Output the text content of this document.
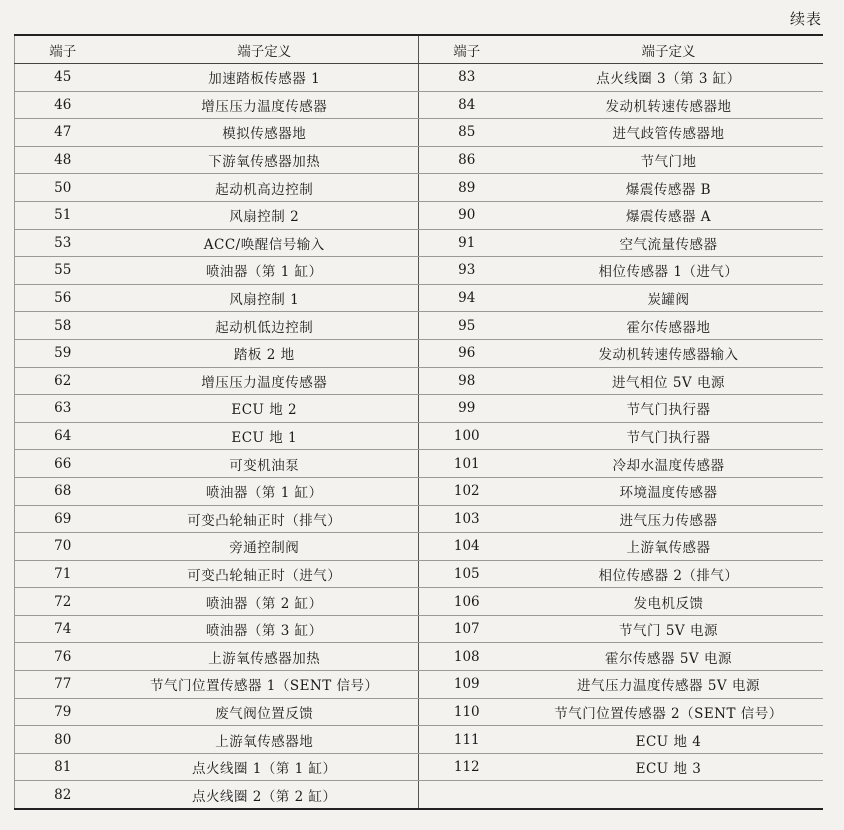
续表
端子	端子定义	端子	端子定义
45	加速踏板传感器 1	83	点火线圈 3（第 3 缸）
46	增压压力温度传感器	84	发动机转速传感器地
47	模拟传感器地	85	进气歧管传感器地
48	下游氧传感器加热	86	节气门地
50	起动机高边控制	89	爆震传感器 B
51	风扇控制 2	90	爆震传感器 A
53	ACC/唤醒信号输入	91	空气流量传感器
55	喷油器（第 1 缸）	93	相位传感器 1（进气）
56	风扇控制 1	94	炭罐阀
58	起动机低边控制	95	霍尔传感器地
59	踏板 2 地	96	发动机转速传感器输入
62	增压压力温度传感器	98	进气相位 5V 电源
63	ECU 地 2	99	节气门执行器
64	ECU 地 1	100	节气门执行器
66	可变机油泵	101	冷却水温度传感器
68	喷油器（第 1 缸）	102	环境温度传感器
69	可变凸轮轴正时（排气）	103	进气压力传感器
70	旁通控制阀	104	上游氧传感器
71	可变凸轮轴正时（进气）	105	相位传感器 2（排气）
72	喷油器（第 2 缸）	106	发电机反馈
74	喷油器（第 3 缸）	107	节气门 5V 电源
76	上游氧传感器加热	108	霍尔传感器 5V 电源
77	节气门位置传感器 1（SENT 信号）	109	进气压力温度传感器 5V 电源
79	废气阀位置反馈	110	节气门位置传感器 2（SENT 信号）
80	上游氧传感器地	111	ECU 地 4
81	点火线圈 1（第 1 缸）	112	ECU 地 3
82	点火线圈 2（第 2 缸）		
